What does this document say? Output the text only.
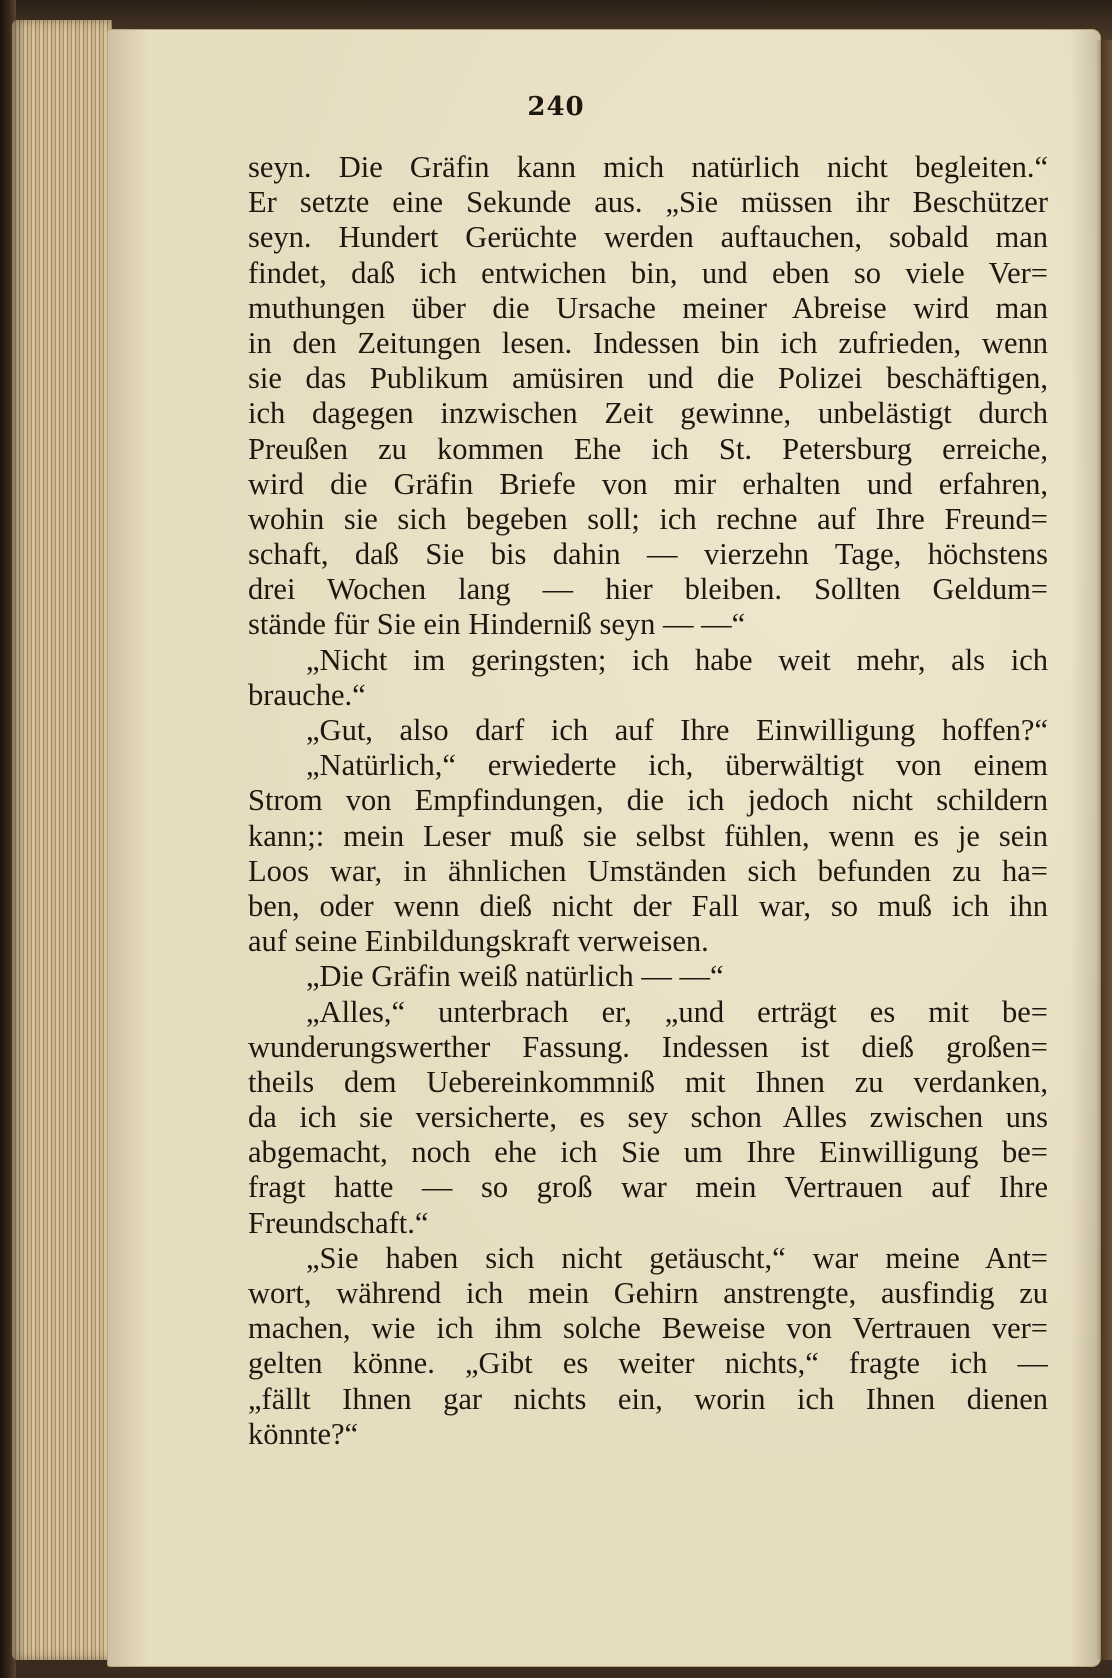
240
seyn. Die Gräfin kann mich natürlich nicht begleiten.“
Er setzte eine Sekunde aus. „Sie müssen ihr Beschützer
seyn. Hundert Gerüchte werden auftauchen, sobald man
findet, daß ich entwichen bin, und eben so viele Ver=
muthungen über die Ursache meiner Abreise wird man
in den Zeitungen lesen. Indessen bin ich zufrieden, wenn
sie das Publikum amüsiren und die Polizei beschäftigen,
ich dagegen inzwischen Zeit gewinne, unbelästigt durch
Preußen zu kommen Ehe ich St. Petersburg erreiche,
wird die Gräfin Briefe von mir erhalten und erfahren,
wohin sie sich begeben soll; ich rechne auf Ihre Freund=
schaft, daß Sie bis dahin — vierzehn Tage, höchstens
drei Wochen lang — hier bleiben. Sollten Geldum=
stände für Sie ein Hinderniß seyn — —“
„Nicht im geringsten; ich habe weit mehr, als ich
brauche.“
„Gut, also darf ich auf Ihre Einwilligung hoffen?“
„Natürlich,“ erwiederte ich, überwältigt von einem
Strom von Empfindungen, die ich jedoch nicht schildern
kann;: mein Leser muß sie selbst fühlen, wenn es je sein
Loos war, in ähnlichen Umständen sich befunden zu ha=
ben, oder wenn dieß nicht der Fall war, so muß ich ihn
auf seine Einbildungskraft verweisen.
„Die Gräfin weiß natürlich — —“
„Alles,“ unterbrach er, „und erträgt es mit be=
wunderungswerther Fassung. Indessen ist dieß großen=
theils dem Uebereinkommniß mit Ihnen zu verdanken,
da ich sie versicherte, es sey schon Alles zwischen uns
abgemacht, noch ehe ich Sie um Ihre Einwilligung be=
fragt hatte — so groß war mein Vertrauen auf Ihre
Freundschaft.“
„Sie haben sich nicht getäuscht,“ war meine Ant=
wort, während ich mein Gehirn anstrengte, ausfindig zu
machen, wie ich ihm solche Beweise von Vertrauen ver=
gelten könne. „Gibt es weiter nichts,“ fragte ich —
„fällt Ihnen gar nichts ein, worin ich Ihnen dienen
könnte?“
